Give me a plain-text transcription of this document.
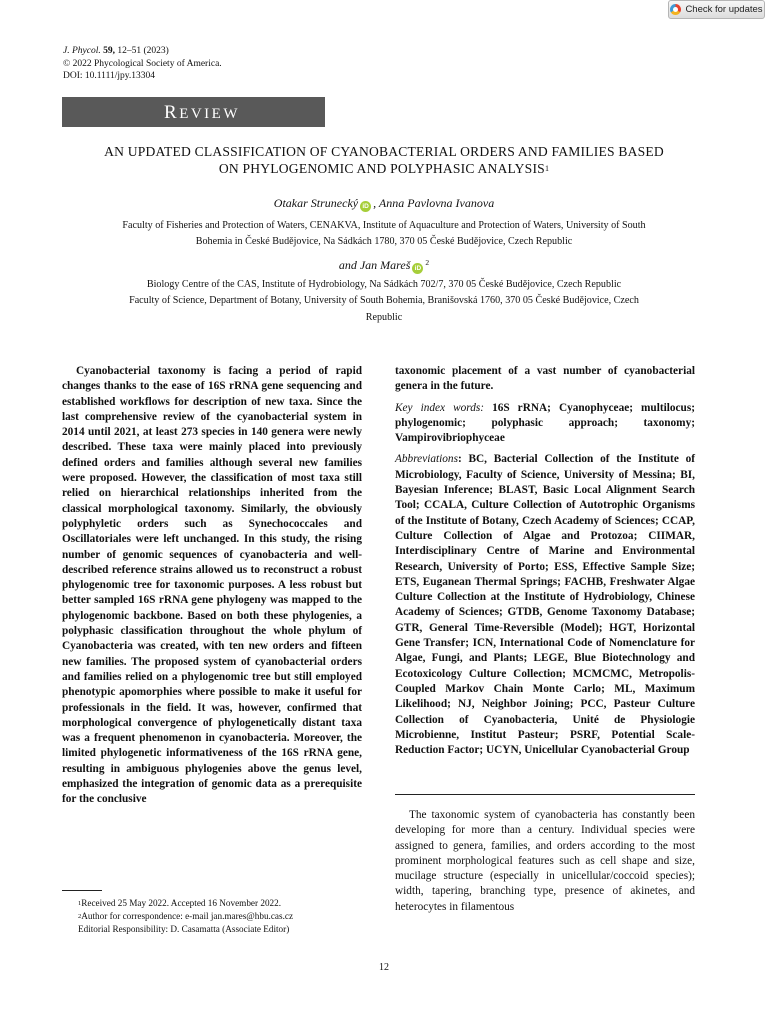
Check for updates
J. Phycol. 59, 12–51 (2023)
© 2022 Phycological Society of America.
DOI: 10.1111/jpy.13304
REVIEW
AN UPDATED CLASSIFICATION OF CYANOBACTERIAL ORDERS AND FAMILIES BASED
ON PHYLOGENOMIC AND POLYPHASIC ANALYSIS$^1$
Otakar Strunecký iD , Anna Pavlovna Ivanova
Faculty of Fisheries and Protection of Waters, CENAKVA, Institute of Aquaculture and Protection of Waters, University of South
Bohemia in České Budějovice, Na Sádkách 1780, 370 05 České Budějovice, Czech Republic
and Jan Mareš $iD^2$
Biology Centre of the CAS, Institute of Hydrobiology, Na Sádkách 702/7, 370 05 České Budějovice, Czech Republic
Faculty of Science, Department of Botany, University of South Bohemia, Branišovská 1760, 370 05 České Budějovice, Czech
Republic

Cyanobacterial taxonomy is facing a period of rapid changes thanks to the ease of 16S rRNA gene sequencing and established workflows for description of new taxa. Since the last comprehensive review of the cyanobacterial system in 2014 until 2021, at least 273 species in 140 genera were newly described. These taxa were mainly placed into previously defined orders and families although several new families were proposed. However, the classification of most taxa still relied on hierarchical relationships inherited from the classical morphological taxonomy. Similarly, the obviously polyphyletic orders such as Synechococcales and Oscillatoriales were left unchanged. In this study, the rising number of genomic sequences of cyanobacteria and well-described reference strains allowed us to reconstruct a robust phylogenomic tree for taxonomic purposes. A less robust but better sampled 16S rRNA gene phylogeny was mapped to the phylogenomic backbone. Based on both these phylogenies, a polyphasic classification throughout the whole phylum of Cyanobacteria was created, with ten new orders and fifteen new families. The proposed system of cyanobacterial orders and families relied on a phylogenomic tree but still employed phenotypic apomorphies where possible to make it useful for professionals in the field. It was, however, confirmed that morphological convergence of phylogenetically distant taxa was a frequent phenomenon in cyanobacteria. Moreover, the limited phylogenetic informativeness of the 16S rRNA gene, resulting in ambiguous phylogenies above the genus level, emphasized the integration of genomic data as a prerequisite for the conclusive

taxonomic placement of a vast number of cyanobacterial genera in the future.

Key index words: 16S rRNA; Cyanophyceae; multilocus; phylogenomic; polyphasic approach; taxonomy; Vampirovibriophyceae

Abbreviations: BC, Bacterial Collection of the Institute of Microbiology, Faculty of Science, University of Messina; BI, Bayesian Inference; BLAST, Basic Local Alignment Search Tool; CCALA, Culture Collection of Autotrophic Organisms of the Institute of Botany, Czech Academy of Sciences; CCAP, Culture Collection of Algae and Protozoa; CIIMAR, Interdisciplinary Centre of Marine and Environmental Research, University of Porto; ESS, Effective Sample Size; ETS, Euganean Thermal Springs; FACHB, Freshwater Algae Culture Collection at the Institute of Hydrobiology, Chinese Academy of Sciences; GTDB, Genome Taxonomy Database; GTR, General Time-Reversible (Model); HGT, Horizontal Gene Transfer; ICN, International Code of Nomenclature for Algae, Fungi, and Plants; LEGE, Blue Biotechnology and Ecotoxicology Culture Collection; MCMCMC, Metropolis-Coupled Markov Chain Monte Carlo; ML, Maximum Likelihood; NJ, Neighbor Joining; PCC, Pasteur Culture Collection of Cyanobacteria, Unité de Physiologie Microbienne, Institut Pasteur; PSRF, Potential Scale-Reduction Factor; UCYN, Unicellular Cyanobacterial Group

The taxonomic system of cyanobacteria has constantly been developing for more than a century. Individual species were assigned to genera, families, and orders according to the most prominent morphological features such as cell shape and size, mucilage structure (especially in unicellular/coccoid species); width, tapering, branching type, presence of akinetes, and heterocytes in filamentous

$^1$Received 25 May 2022. Accepted 16 November 2022.
$^2$Author for correspondence: e-mail jan.mares@hbu.cas.cz
Editorial Responsibility: D. Casamatta (Associate Editor)
12
